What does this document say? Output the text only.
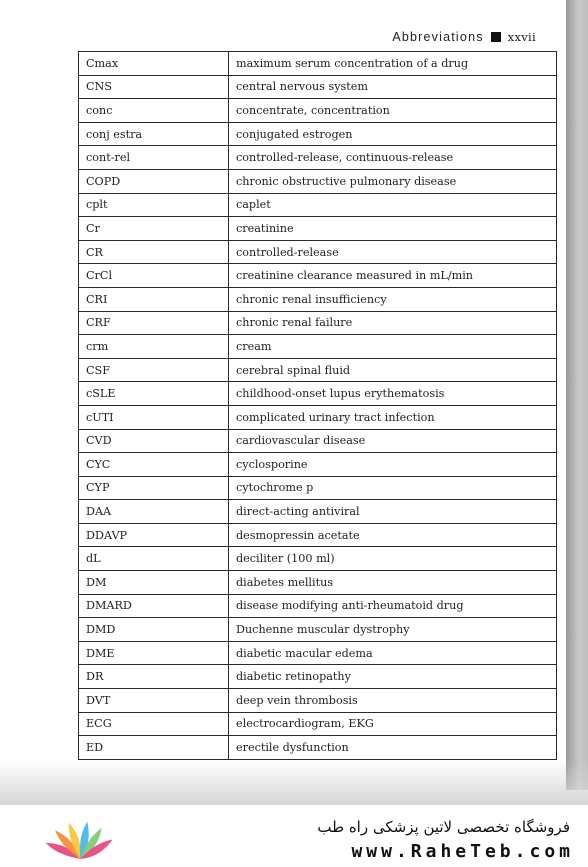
Abbreviations xxvii
Cmax	maximum serum concentration of a drug
CNS	central nervous system
conc	concentrate, concentration
conj estra	conjugated estrogen
cont-rel	controlled-release, continuous-release
COPD	chronic obstructive pulmonary disease
cplt	caplet
Cr	creatinine
CR	controlled-release
CrCl	creatinine clearance measured in mL/min
CRI	chronic renal insufficiency
CRF	chronic renal failure
crm	cream
CSF	cerebral spinal fluid
cSLE	childhood-onset lupus erythematosis
cUTI	complicated urinary tract infection
CVD	cardiovascular disease
CYC	cyclosporine
CYP	cytochrome p
DAA	direct-acting antiviral
DDAVP	desmopressin acetate
dL	deciliter (100 ml)
DM	diabetes mellitus
DMARD	disease modifying anti-rheumatoid drug
DMD	Duchenne muscular dystrophy
DME	diabetic macular edema
DR	diabetic retinopathy
DVT	deep vein thrombosis
ECG	electrocardiogram, EKG
ED	erectile dysfunction
فروشگاه تخصصی لاتین پزشکی راه طب
www.RaheTeb.com
